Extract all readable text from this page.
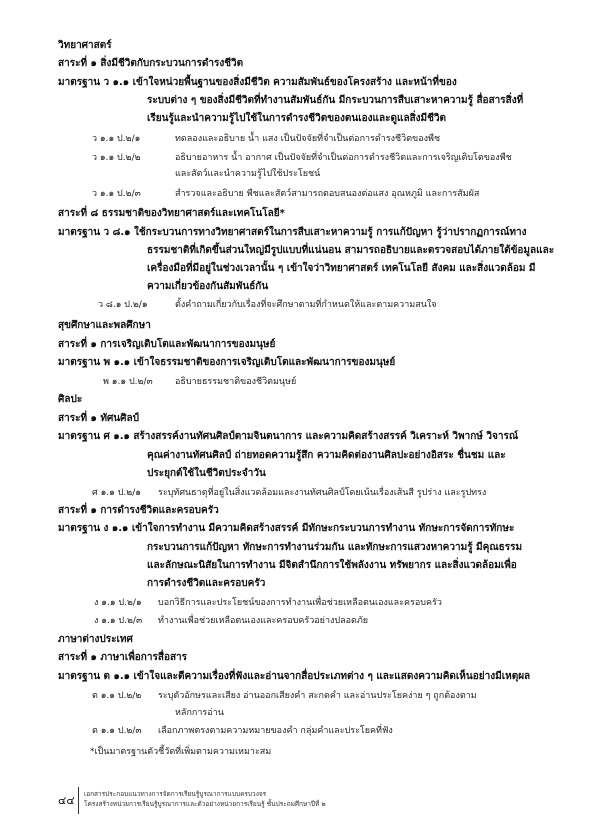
วิทยาศาสตร์
สาระที่ ๑ สิ่งมีชีวิตกับกระบวนการดำรงชีวิต
มาตรฐาน ว ๑.๑ เข้าใจหน่วยพื้นฐานของสิ่งมีชีวิต ความสัมพันธ์ของโครงสร้าง และหน้าที่ของ
ระบบต่าง ๆ ของสิ่งมีชีวิตที่ทำงานสัมพันธ์กัน มีกระบวนการสืบเสาะหาความรู้ สื่อสารสิ่งที่
เรียนรู้และนำความรู้ไปใช้ในการดำรงชีวิตของตนเองและดูแลสิ่งมีชีวิต
ว ๑.๑ ป.๒/๑	ทดลองและอธิบาย น้ำ แสง เป็นปัจจัยที่จำเป็นต่อการดำรงชีวิตของพืช
ว ๑.๑ ป.๒/๒	อธิบายอาหาร น้ำ อากาศ เป็นปัจจัยที่จำเป็นต่อการดำรงชีวิตและการเจริญเติบโตของพืช
และสัตว์และนำความรู้ไปใช้ประโยชน์
ว ๑.๑ ป.๒/๓	สำรวจและอธิบาย พืชและสัตว์สามารถตอบสนองต่อแสง อุณหภูมิ และการสัมผัส
สาระที่ ๘ ธรรมชาติของวิทยาศาสตร์และเทคโนโลยี*
มาตรฐาน ว ๘.๑ ใช้กระบวนการทางวิทยาศาสตร์ในการสืบเสาะหาความรู้ การแก้ปัญหา รู้ว่าปรากฏการณ์ทาง
ธรรมชาติที่เกิดขึ้นส่วนใหญ่มีรูปแบบที่แน่นอน สามารถอธิบายและตรวจสอบได้ภายใต้ข้อมูลและ
เครื่องมือที่มีอยู่ในช่วงเวลานั้น ๆ เข้าใจว่าวิทยาศาสตร์ เทคโนโลยี สังคม และสิ่งแวดล้อม มี
ความเกี่ยวข้องกันสัมพันธ์กัน
ว ๘.๑ ป.๒/๑	ตั้งคำถามเกี่ยวกับเรื่องที่จะศึกษาตามที่กำหนดให้และตามความสนใจ
สุขศึกษาและพลศึกษา
สาระที่ ๑ การเจริญเติบโตและพัฒนาการของมนุษย์
มาตรฐาน พ ๑.๑ เข้าใจธรรมชาติของการเจริญเติบโตและพัฒนาการของมนุษย์
พ ๑.๑ ป.๒/๓ อธิบายธรรมชาติของชีวิตมนุษย์
ศิลปะ
สาระที่ ๑ ทัศนศิลป์
มาตรฐาน ศ ๑.๑ สร้างสรรค์งานทัศนศิลป์ตามจินตนาการ และความคิดสร้างสรรค์ วิเคราะห์ วิพากษ์ วิจารณ์
คุณค่างานทัศนศิลป์ ถ่ายทอดความรู้สึก ความคิดต่องานศิลปะอย่างอิสระ ชื่นชม และ
ประยุกต์ใช้ในชีวิตประจำวัน
ศ ๑.๑ ป.๒/๑ ระบุทัศนธาตุที่อยู่ในสิ่งแวดล้อมและงานทัศนศิลป์โดยเน้นเรื่องเส้นสี รูปร่าง และรูปทรง
สาระที่ ๑ การดำรงชีวิตและครอบครัว
มาตรฐาน ง ๑.๑ เข้าใจการทำงาน มีความคิดสร้างสรรค์ มีทักษะกระบวนการทำงาน ทักษะการจัดการทักษะ
กระบวนการแก้ปัญหา ทักษะการทำงานร่วมกัน และทักษะการแสวงหาความรู้ มีคุณธรรม
และลักษณะนิสัยในการทำงาน มีจิตสำนึกการใช้พลังงาน ทรัพยากร และสิ่งแวดล้อมเพื่อ
การดำรงชีวิตและครอบครัว
ง ๑.๑ ป.๒/๑ บอกวิธีการและประโยชน์ของการทำงานเพื่อช่วยเหลือตนเองและครอบครัว
ง ๑.๑ ป.๒/๓ ทำงานเพื่อช่วยเหลือตนเองและครอบครัวอย่างปลอดภัย
ภาษาต่างประเทศ
สาระที่ ๑ ภาษาเพื่อการสื่อสาร
มาตรฐาน ต ๑.๑ เข้าใจและตีความเรื่องที่ฟังและอ่านจากสื่อประเภทต่าง ๆ และแสดงความคิดเห็นอย่างมีเหตุผล
ต ๑.๑ ป.๒/๒ ระบุตัวอักษรและเสียง อ่านออกเสียงคำ สะกดคำ และอ่านประโยคง่าย ๆ ถูกต้องตาม
หลักการอ่าน
ต ๑.๑ ป.๒/๓ เลือกภาพตรงตามความหมายของคำ กลุ่มคำและประโยคที่ฟัง
*เป็นมาตรฐานตัวชี้วัดที่เพิ่มตามความเหมาะสม
๔๔ เอกสารประกอบแนวทางการจัดการเรียนรู้บูรณาการแบบครบวงจร
โครงสร้างหน่วยการเรียนรู้บูรณาการและตัวอย่างหน่วยการเรียนรู้ ชั้นประถมศึกษาปีที่ ๒
